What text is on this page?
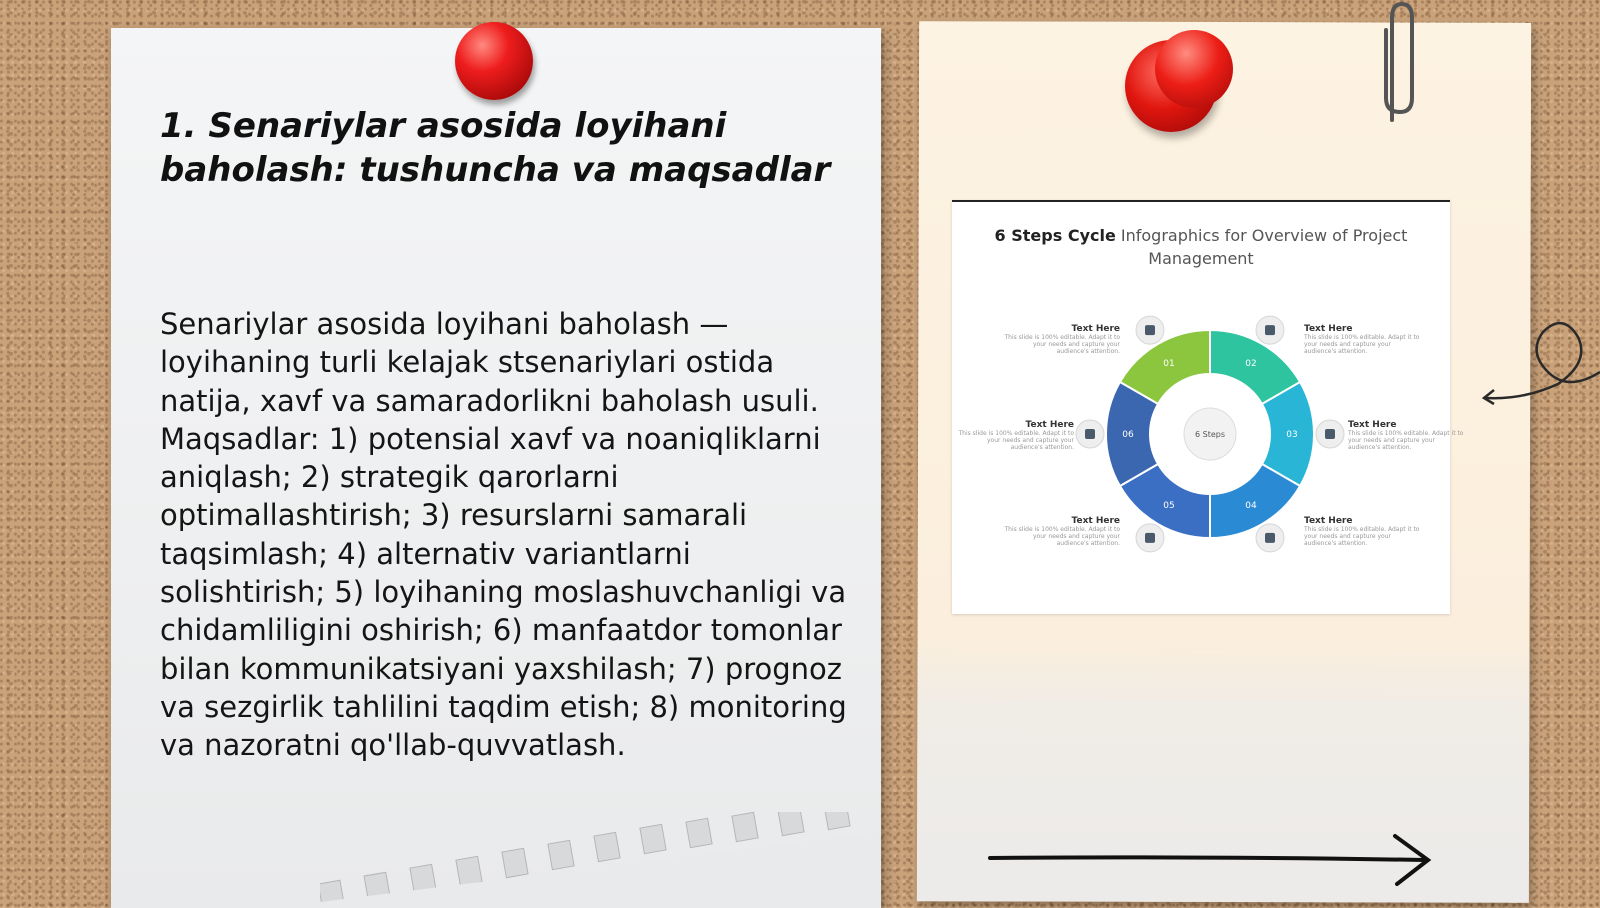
1. Senariylar asosida loyihani baholash: tushuncha va maqsadlar

Senariylar asosida loyihani baholash — loyihaning turli kelajak stsenariylari ostida natija, xavf va samaradorlikni baholash usuli. Maqsadlar: 1) potensial xavf va noaniqliklarni aniqlash; 2) strategik qarorlarni optimallashtirish; 3) resurslarni samarali taqsimlash; 4) alternativ variantlarni solishtirish; 5) loyihaning moslashuvchanligi va chidamliligini oshirish; 6) manfaatdor tomonlar bilan kommunikatsiyani yaxshilash; 7) prognoz va sezgirlik tahlilini taqdim etish; 8) monitoring va nazoratni qo'llab-quvvatlash.

6 Steps Cycle Infographics for Overview of Project Management
6 Steps
01	02
03
04
05
06
Text Here
This slide is 100% editable. Adapt it to your needs and capture your audience's attention.
Text Here
This slide is 100% editable. Adapt it to your needs and capture your audience's attention.
Text Here
This slide is 100% editable. Adapt it to your needs and capture your audience's attention.
Text Here
This slide is 100% editable. Adapt it to your needs and capture your audience's attention.
Text Here
This slide is 100% editable. Adapt it to your needs and capture your audience's attention.
Text Here
This slide is 100% editable. Adapt it to your needs and capture your audience's attention.
